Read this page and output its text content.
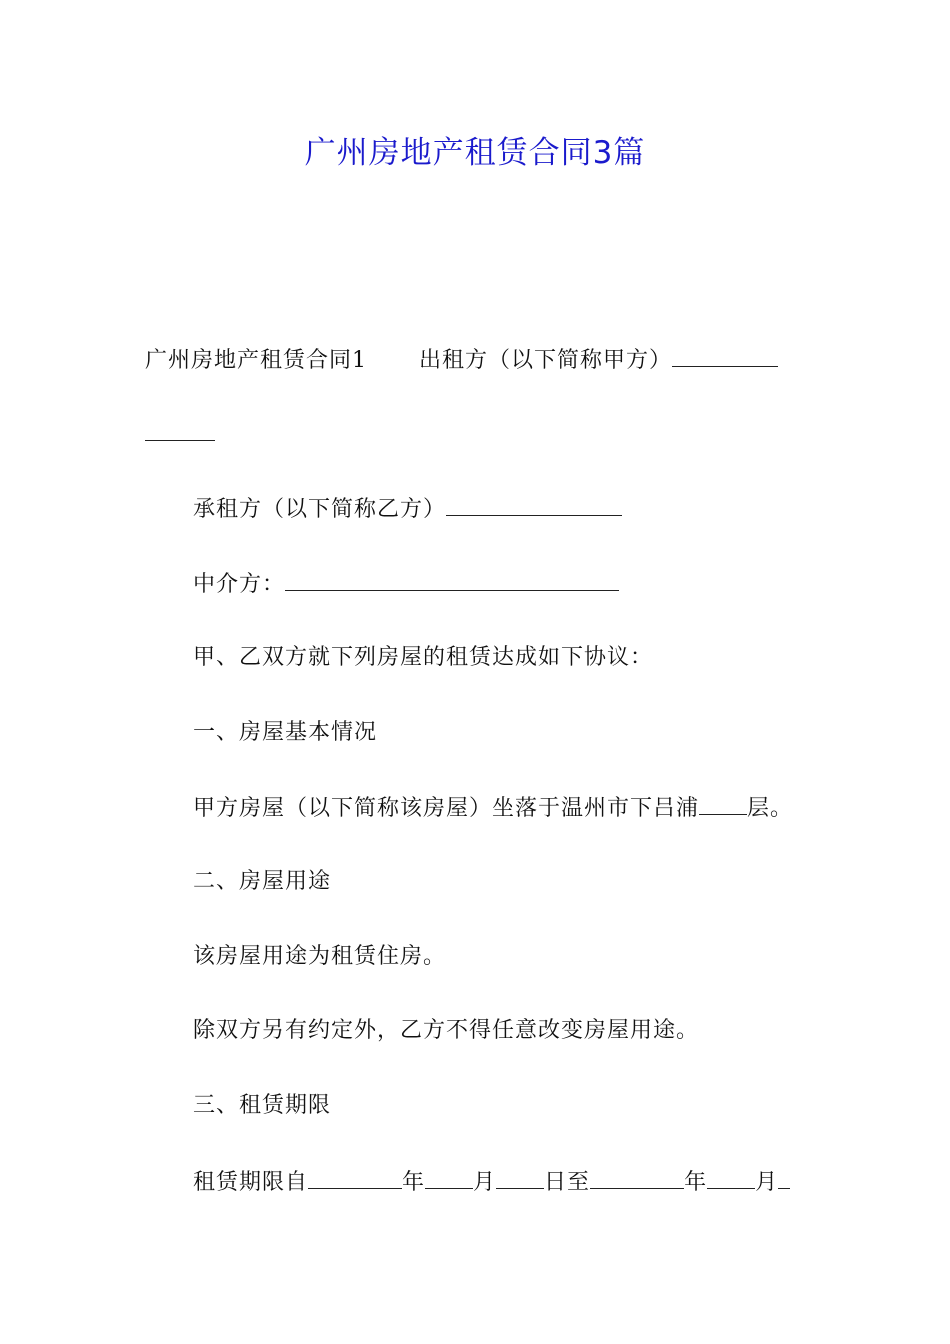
广州房地产租赁合同3篇
广州房地产租赁合同1 出租方（以下简称甲方）
承租方（以下简称乙方）
中介方：
甲、乙双方就下列房屋的租赁达成如下协议：
一、房屋基本情况
甲方房屋（以下简称该房屋）坐落于温州市下吕浦 层。
二、房屋用途
该房屋用途为租赁住房。
除双方另有约定外，乙方不得任意改变房屋用途。
三、租赁期限
租赁期限自	年 月 日至	年 月
